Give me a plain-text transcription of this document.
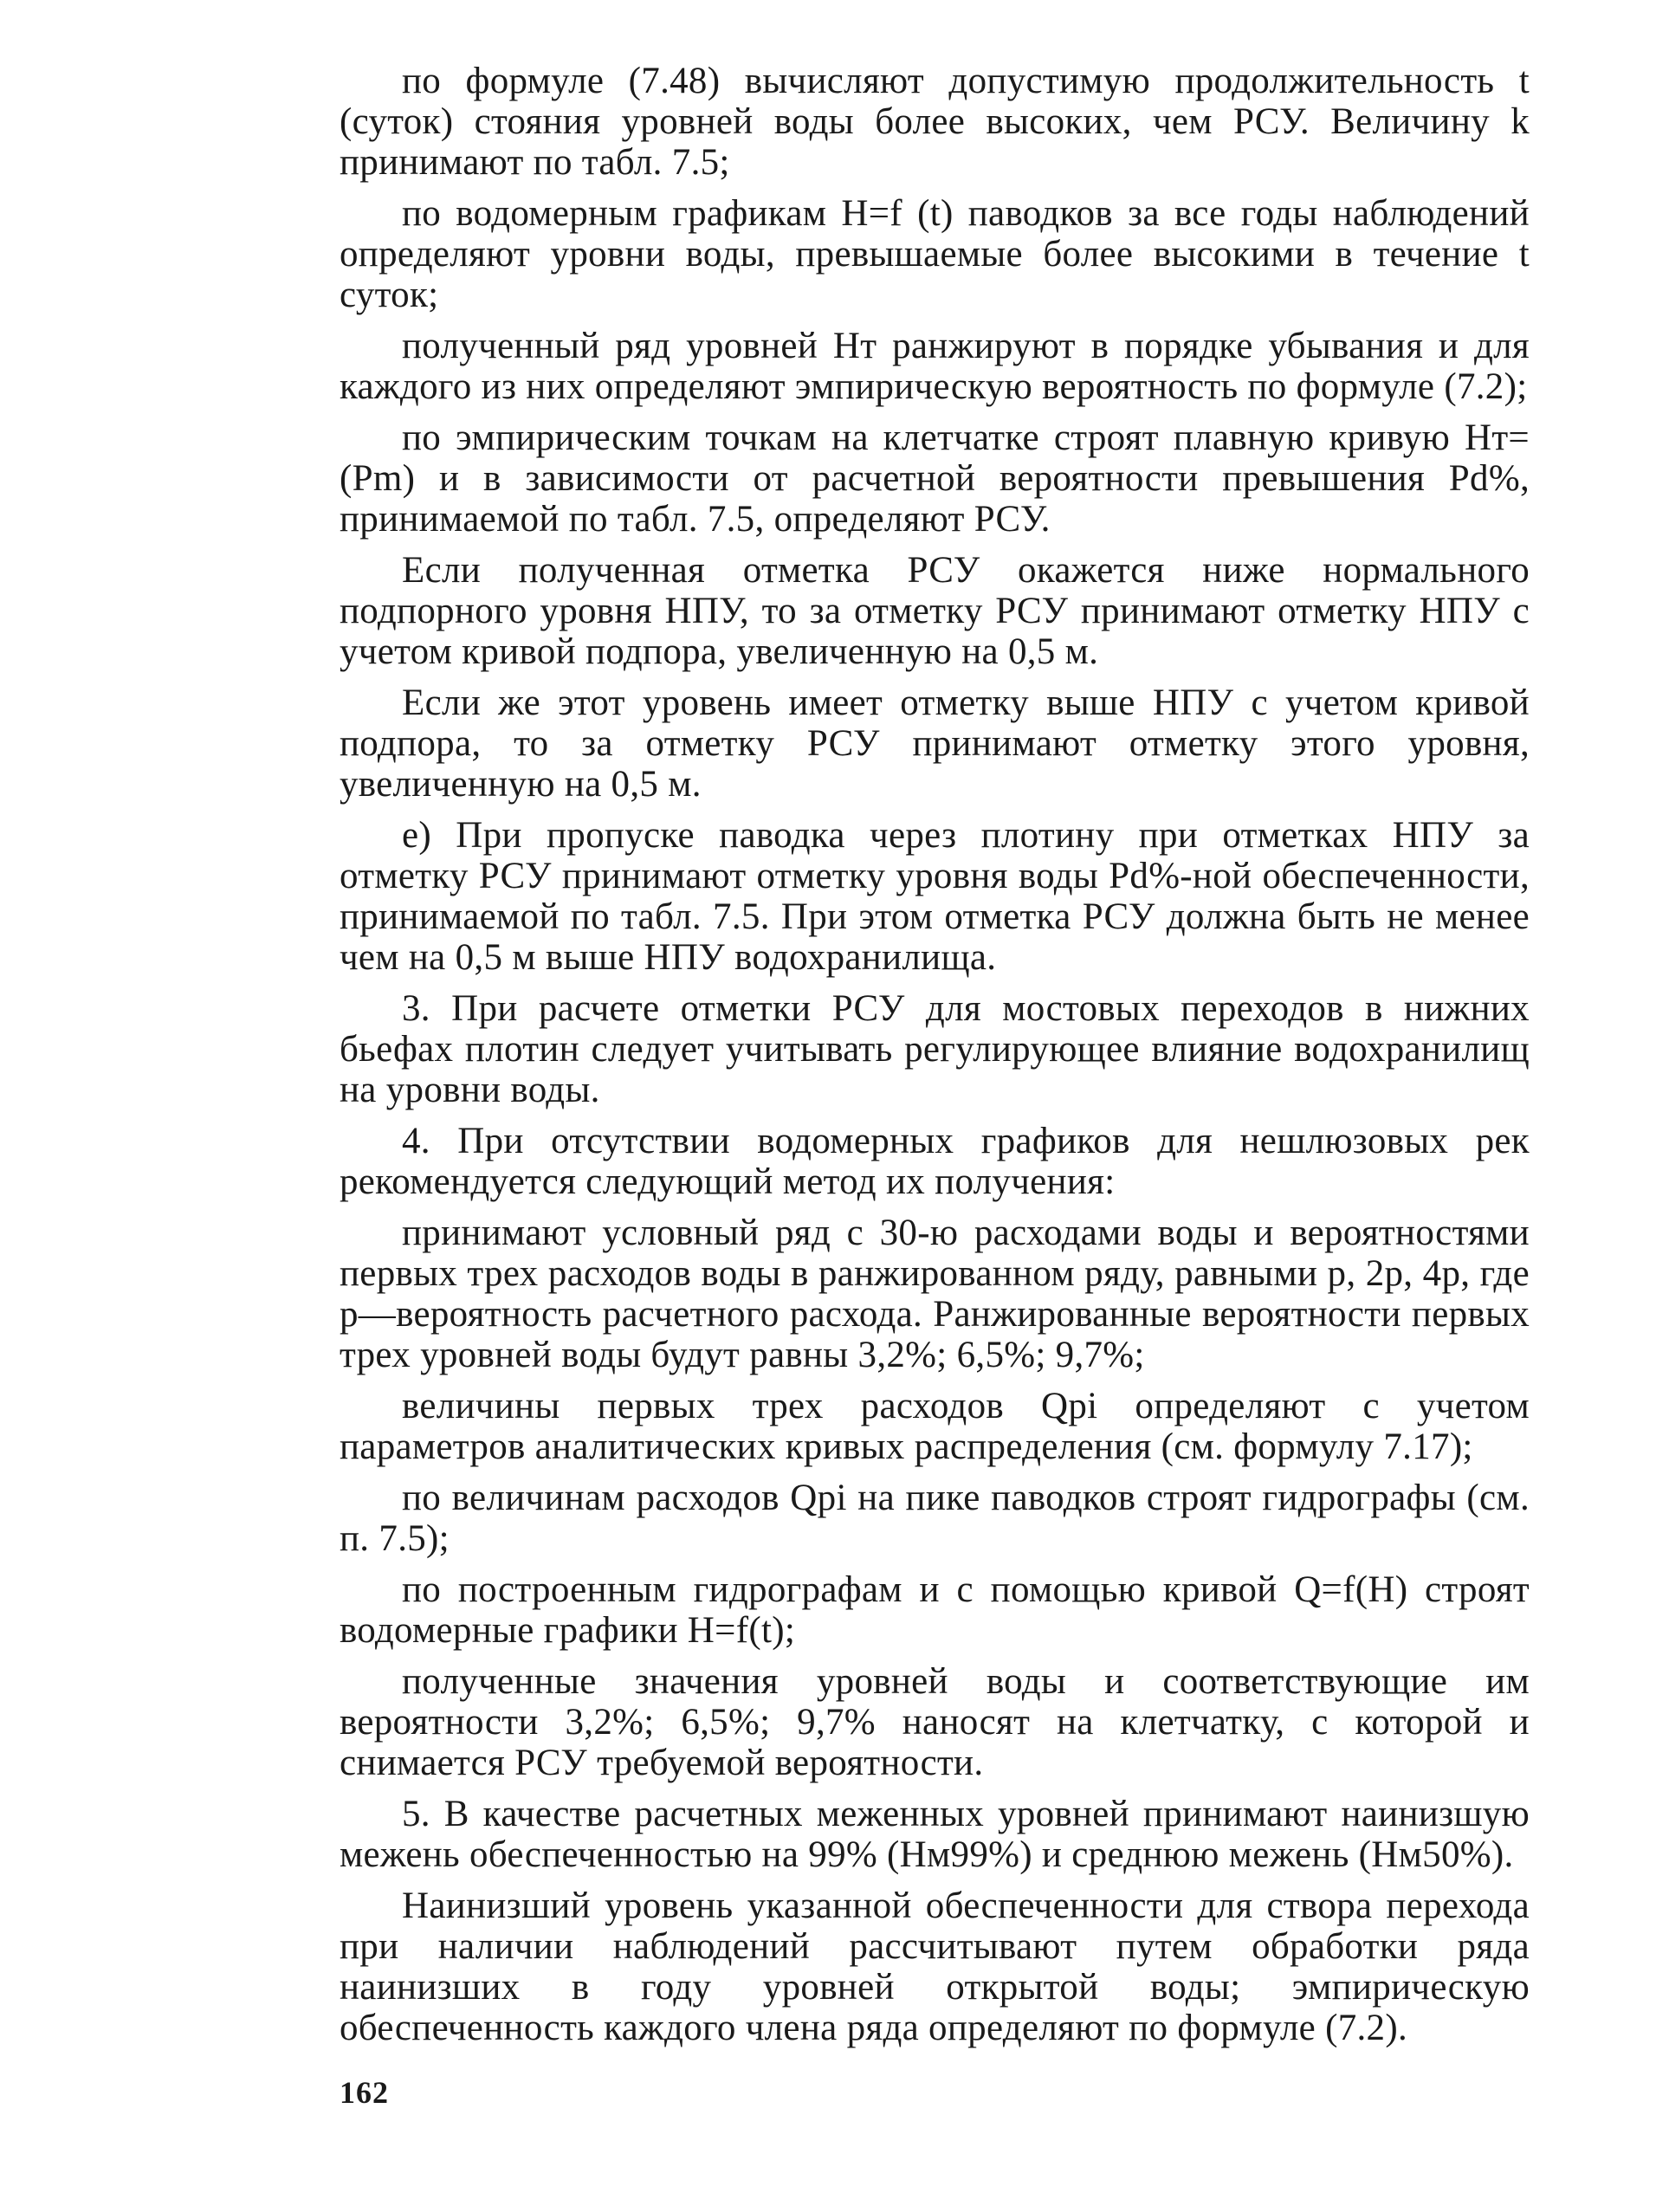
по формуле (7.48) вычисляют допустимую продолжительность t (суток) стояния уровней воды более высоких, чем РСУ. Величину k принимают по табл. 7.5;

по водомерным графикам H=f (t) паводков за все годы наблюдений определяют уровни воды, превышаемые более высокими в течение t суток;

полученный ряд уровней Hт ранжируют в порядке убывания и для каждого из них определяют эмпирическую вероятность по формуле (7.2);

по эмпирическим точкам на клетчатке строят плавную кривую Hт= (Pm) и в зависимости от расчетной вероятности превышения Pd%, принимаемой по табл. 7.5, определяют РСУ.

Если полученная отметка РСУ окажется ниже нормального подпорного уровня НПУ, то за отметку РСУ принимают отметку НПУ с учетом кривой подпора, увеличенную на 0,5 м.

Если же этот уровень имеет отметку выше НПУ с учетом кривой подпора, то за отметку РСУ принимают отметку этого уровня, увеличенную на 0,5 м.

е) При пропуске паводка через плотину при отметках НПУ за отметку РСУ принимают отметку уровня воды Pd%-ной обеспеченности, принимаемой по табл. 7.5. При этом отметка РСУ должна быть не менее чем на 0,5 м выше НПУ водохранилища.

3. При расчете отметки РСУ для мостовых переходов в нижних бьефах плотин следует учитывать регулирующее влияние водохранилищ на уровни воды.

4. При отсутствии водомерных графиков для нешлюзовых рек рекомендуется следующий метод их получения:

принимают условный ряд с 30-ю расходами воды и вероятностями первых трех расходов воды в ранжированном ряду, равными p, 2p, 4p, где p—вероятность расчетного расхода. Ранжированные вероятности первых трех уровней воды будут равны 3,2%; 6,5%; 9,7%;

величины первых трех расходов Qpi определяют с учетом параметров аналитических кривых распределения (см. формулу 7.17);

по величинам расходов Qpi на пике паводков строят гидрографы (см. п. 7.5);

по построенным гидрографам и с помощью кривой Q=f(H) строят водомерные графики H=f(t);

полученные значения уровней воды и соответствующие им вероятности 3,2%; 6,5%; 9,7% наносят на клетчатку, с которой и снимается РСУ требуемой вероятности.

5. В качестве расчетных меженных уровней принимают наинизшую межень обеспеченностью на 99% (Hм99%) и среднюю межень (Hм50%).

Наинизший уровень указанной обеспеченности для створа перехода при наличии наблюдений рассчитывают путем обработки ряда наинизших в году уровней открытой воды; эмпирическую обеспеченность каждого члена ряда определяют по формуле (7.2).

162
